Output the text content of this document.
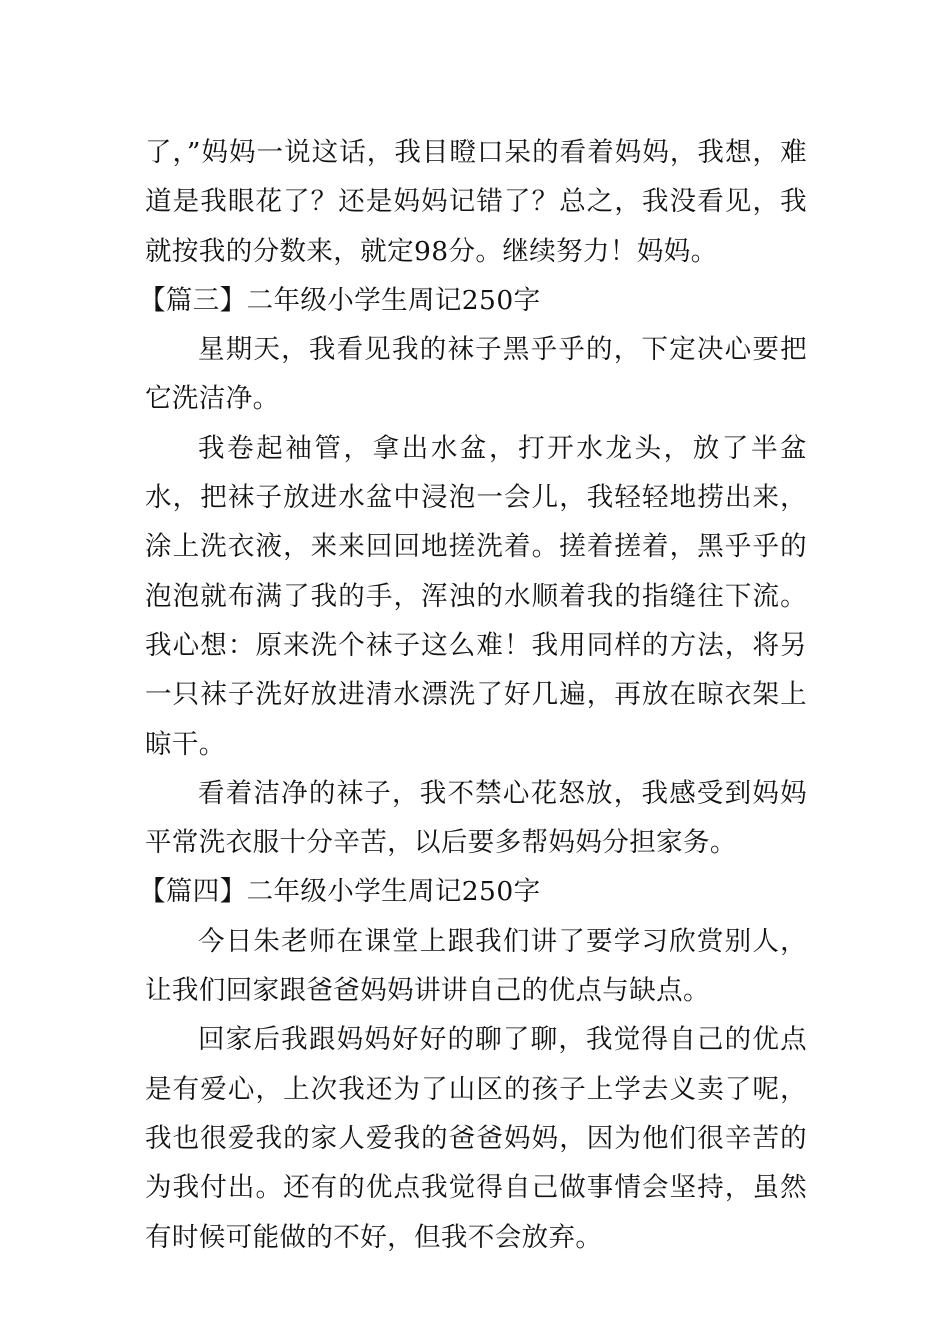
了，”妈妈一说这话，我目瞪口呆的看着妈妈，我想，难道是我眼花了？还是妈妈记错了？总之，我没看见，我就按我的分数来，就定98分。继续努力！妈妈。

【篇三】二年级小学生周记250字

星期天，我看见我的袜子黑乎乎的，下定决心要把它洗洁净。

我卷起袖管，拿出水盆，打开水龙头，放了半盆水，把袜子放进水盆中浸泡一会儿，我轻轻地捞出来，涂上洗衣液，来来回回地搓洗着。搓着搓着，黑乎乎的泡泡就布满了我的手，浑浊的水顺着我的指缝往下流。我心想：原来洗个袜子这么难！我用同样的方法，将另一只袜子洗好放进清水漂洗了好几遍，再放在晾衣架上晾干。

看着洁净的袜子，我不禁心花怒放，我感受到妈妈平常洗衣服十分辛苦，以后要多帮妈妈分担家务。

【篇四】二年级小学生周记250字

今日朱老师在课堂上跟我们讲了要学习欣赏别人，让我们回家跟爸爸妈妈讲讲自己的优点与缺点。

回家后我跟妈妈好好的聊了聊，我觉得自己的优点是有爱心，上次我还为了山区的孩子上学去义卖了呢，我也很爱我的家人爱我的爸爸妈妈，因为他们很辛苦的为我付出。还有的优点我觉得自己做事情会坚持，虽然有时候可能做的不好，但我不会放弃。
